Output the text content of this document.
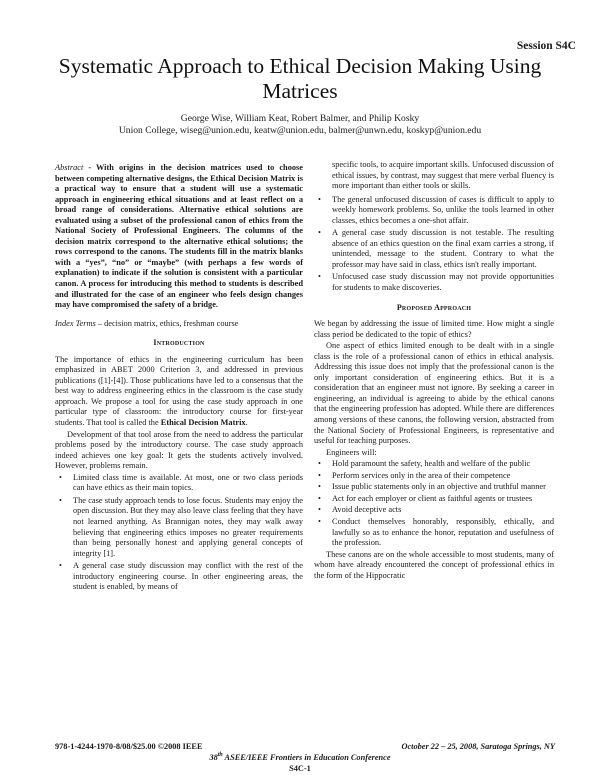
Session S4C
Systematic Approach to Ethical Decision Making Using Matrices
George Wise, William Keat, Robert Balmer, and Philip Kosky
Union College, wiseg@union.edu, keatw@union.edu, balmer@unwn.edu, koskyp@union.edu

Abstract - With origins in the decision matrices used to choose between competing alternative designs, the Ethical Decision Matrix is a practical way to ensure that a student will use a systematic approach in engineering ethical situations and at least reflect on a broad range of considerations. Alternative ethical solutions are evaluated using a subset of the professional canon of ethics from the National Society of Professional Engineers. The columns of the decision matrix correspond to the alternative ethical solutions; the rows correspond to the canons. The students fill in the matrix blanks with a “yes”, “no” or “maybe” (with perhaps a few words of explanation) to indicate if the solution is consistent with a particular canon. A process for introducing this method to students is described and illustrated for the case of an engineer who feels design changes may have compromised the safety of a bridge.

Index Terms – decision matrix, ethics, freshman course

Introduction

The importance of ethics in the engineering curriculum has been emphasized in ABET 2000 Criterion 3, and addressed in previous publications ([1]-[4]). Those publications have led to a consensus that the best way to address engineering ethics in the classroom is the case study approach. We propose a tool for using the case study approach in one particular type of classroom: the introductory course for first-year students. That tool is called the Ethical Decision Matrix.

Development of that tool arose from the need to address the particular problems posed by the introductory course. The case study approach indeed achieves one key goal: It gets the students actively involved. However, problems remain.

• Limited class time is available. At most, one or two class periods can have ethics as their main topics.
• The case study approach tends to lose focus. Students may enjoy the open discussion. But they may also leave class feeling that they have not learned anything. As Brannigan notes, they may walk away believing that engineering ethics imposes no greater requirements than being personally honest and applying general concepts of integrity [1].
• A general case study discussion may conflict with the rest of the introductory engineering course. In other engineering areas, the student is enabled, by means of

specific tools, to acquire important skills. Unfocused discussion of ethical issues, by contrast, may suggest that mere verbal fluency is more important than either tools or skills.

• The general unfocused discussion of cases is difficult to apply to weekly homework problems. So, unlike the tools learned in other classes, ethics becomes a one-shot affair.
• A general case study discussion is not testable. The resulting absence of an ethics question on the final exam carries a strong, if unintended, message to the student. Contrary to what the professor may have said in class, ethics isn't really important.
• Unfocused case study discussion may not provide opportunities for students to make discoveries.

Proposed Approach

We began by addressing the issue of limited time. How might a single class period be dedicated to the topic of ethics?

One aspect of ethics limited enough to be dealt with in a single class is the role of a professional canon of ethics in ethical analysis. Addressing this issue does not imply that the professional canon is the only important consideration of engineering ethics. But it is a consideration that an engineer must not ignore. By seeking a career in engineering, an individual is agreeing to abide by the ethical canons that the engineering profession has adopted. While there are differences among versions of these canons, the following version, abstracted from the National Society of Professional Engineers, is representative and useful for teaching purposes.

Engineers will:

• Hold paramount the safety, health and welfare of the public
• Perform services only in the area of their competence
• Issue public statements only in an objective and truthful manner
• Act for each employer or client as faithful agents or trustees
• Avoid deceptive acts
• Conduct themselves honorably, responsibly, ethically, and lawfully so as to enhance the honor, reputation and usefulness of the profession.

These canons are on the whole accessible to most students, many of whom have already encountered the concept of professional ethics in the form of the Hippocratic

978-1-4244-1970-8/08/$25.00 ©2008 IEEE	October 22 – 25, 2008, Saratoga Springs, NY
38th ASEE/IEEE Frontiers in Education Conference
S4C-1
